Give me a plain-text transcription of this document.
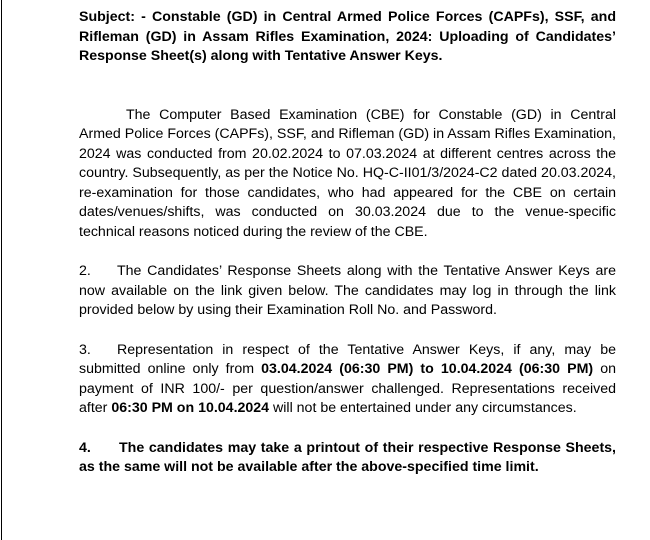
Subject: - Constable (GD) in Central Armed Police Forces (CAPFs), SSF, and Rifleman (GD) in Assam Rifles Examination, 2024: Uploading of Candidates’ Response Sheet(s) along with Tentative Answer Keys.

The Computer Based Examination (CBE) for Constable (GD) in Central Armed Police Forces (CAPFs), SSF, and Rifleman (GD) in Assam Rifles Examination, 2024 was conducted from 20.02.2024 to 07.03.2024 at different centres across the country. Subsequently, as per the Notice No. HQ-C-II01/3/2024-C2 dated 20.03.2024, re-examination for those candidates, who had appeared for the CBE on certain dates/venues/shifts, was conducted on 30.03.2024 due to the venue-specific technical reasons noticed during the review of the CBE.

2. The Candidates’ Response Sheets along with the Tentative Answer Keys are now available on the link given below. The candidates may log in through the link provided below by using their Examination Roll No. and Password.

3. Representation in respect of the Tentative Answer Keys, if any, may be submitted online only from 03.04.2024 (06:30 PM) to 10.04.2024 (06:30 PM) on payment of INR 100/- per question/answer challenged. Representations received after 06:30 PM on 10.04.2024 will not be entertained under any circumstances.

4. The candidates may take a printout of their respective Response Sheets, as the same will not be available after the above-specified time limit.
